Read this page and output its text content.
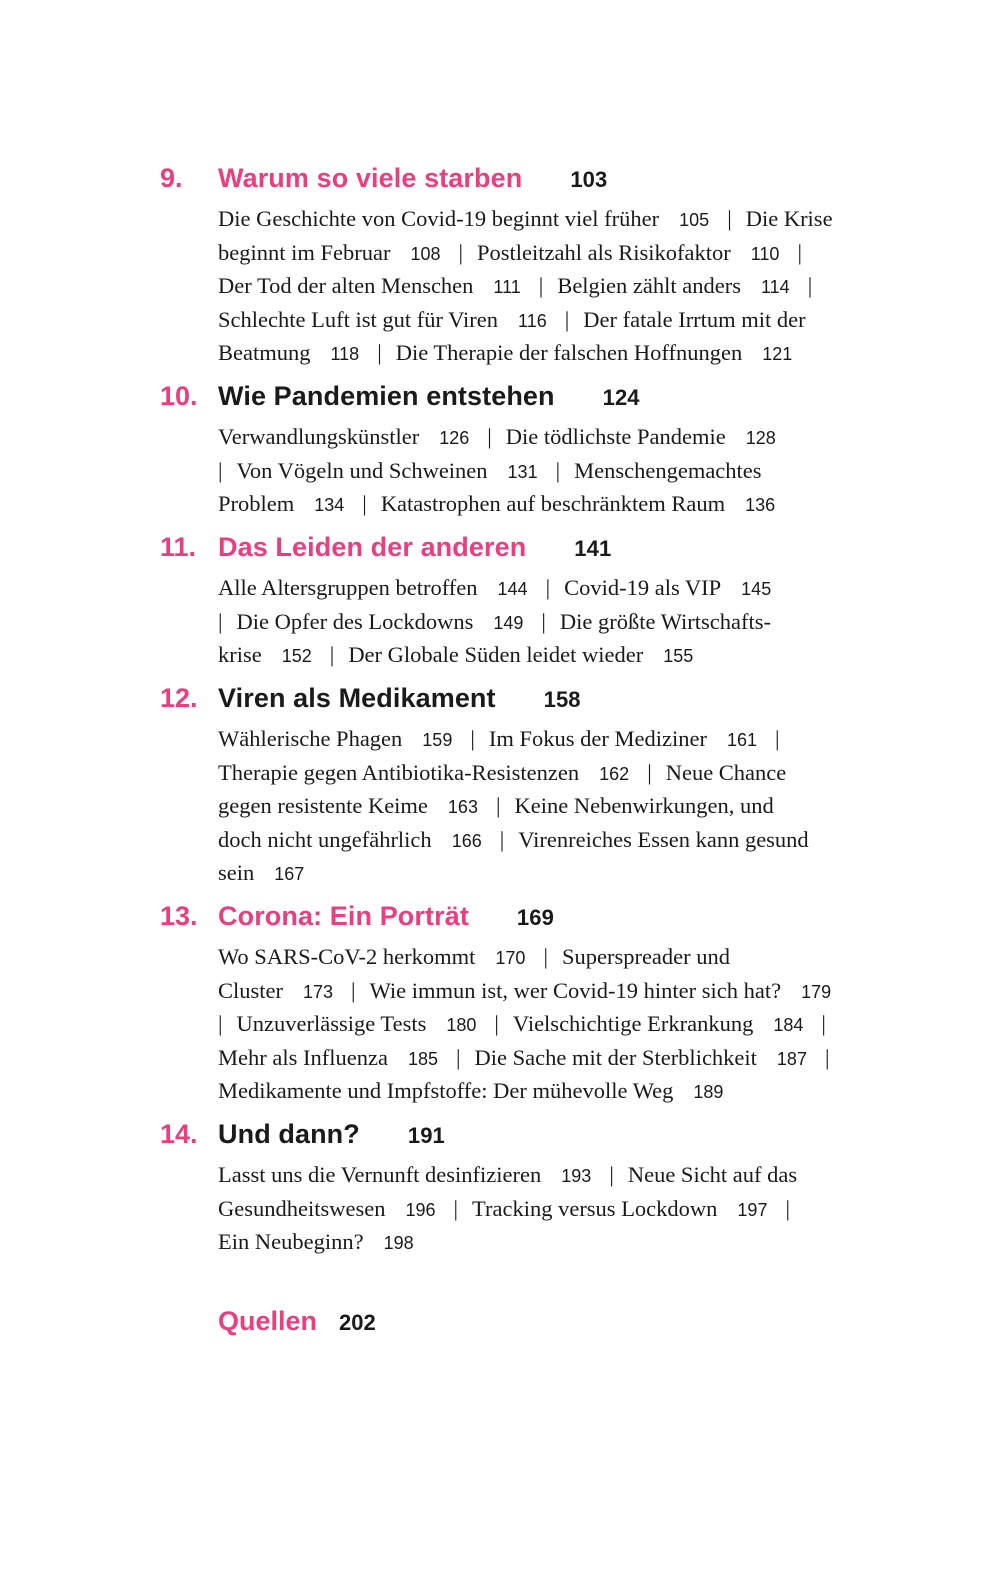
9. Warum so viele starben 103
Die Geschichte von Covid-19 beginnt viel früher 105 | Die Krise
beginnt im Februar 108 | Postleitzahl als Risikofaktor 110 |
Der Tod der alten Menschen 111 | Belgien zählt anders 114 |
Schlechte Luft ist gut für Viren 116 | Der fatale Irrtum mit der
Beatmung 118 | Die Therapie der falschen Hoffnungen 121
10. Wie Pandemien entstehen 124
Verwandlungskünstler 126 | Die tödlichste Pandemie 128
| Von Vögeln und Schweinen 131 | Menschengemachtes
Problem 134 | Katastrophen auf beschränktem Raum 136
11. Das Leiden der anderen 141
Alle Altersgruppen betroffen 144 | Covid-19 als VIP 145
| Die Opfer des Lockdowns 149 | Die größte Wirtschafts-
krise 152 | Der Globale Süden leidet wieder 155
12. Viren als Medikament 158
Wählerische Phagen 159 | Im Fokus der Mediziner 161 |
Therapie gegen Antibiotika-Resistenzen 162 | Neue Chance
gegen resistente Keime 163 | Keine Nebenwirkungen, und
doch nicht ungefährlich 166 | Virenreiches Essen kann gesund
sein 167
13. Corona: Ein Porträt 169
Wo SARS-CoV-2 herkommt 170 | Superspreader und
Cluster 173 | Wie immun ist, wer Covid-19 hinter sich hat? 179
| Unzuverlässige Tests 180 | Vielschichtige Erkrankung 184 |
Mehr als Influenza 185 | Die Sache mit der Sterblichkeit 187 |
Medikamente und Impfstoffe: Der mühevolle Weg 189
14. Und dann? 191
Lasst uns die Vernunft desinfizieren 193 | Neue Sicht auf das
Gesundheitswesen 196 | Tracking versus Lockdown 197 |
Ein Neubeginn? 198
Quellen 202
